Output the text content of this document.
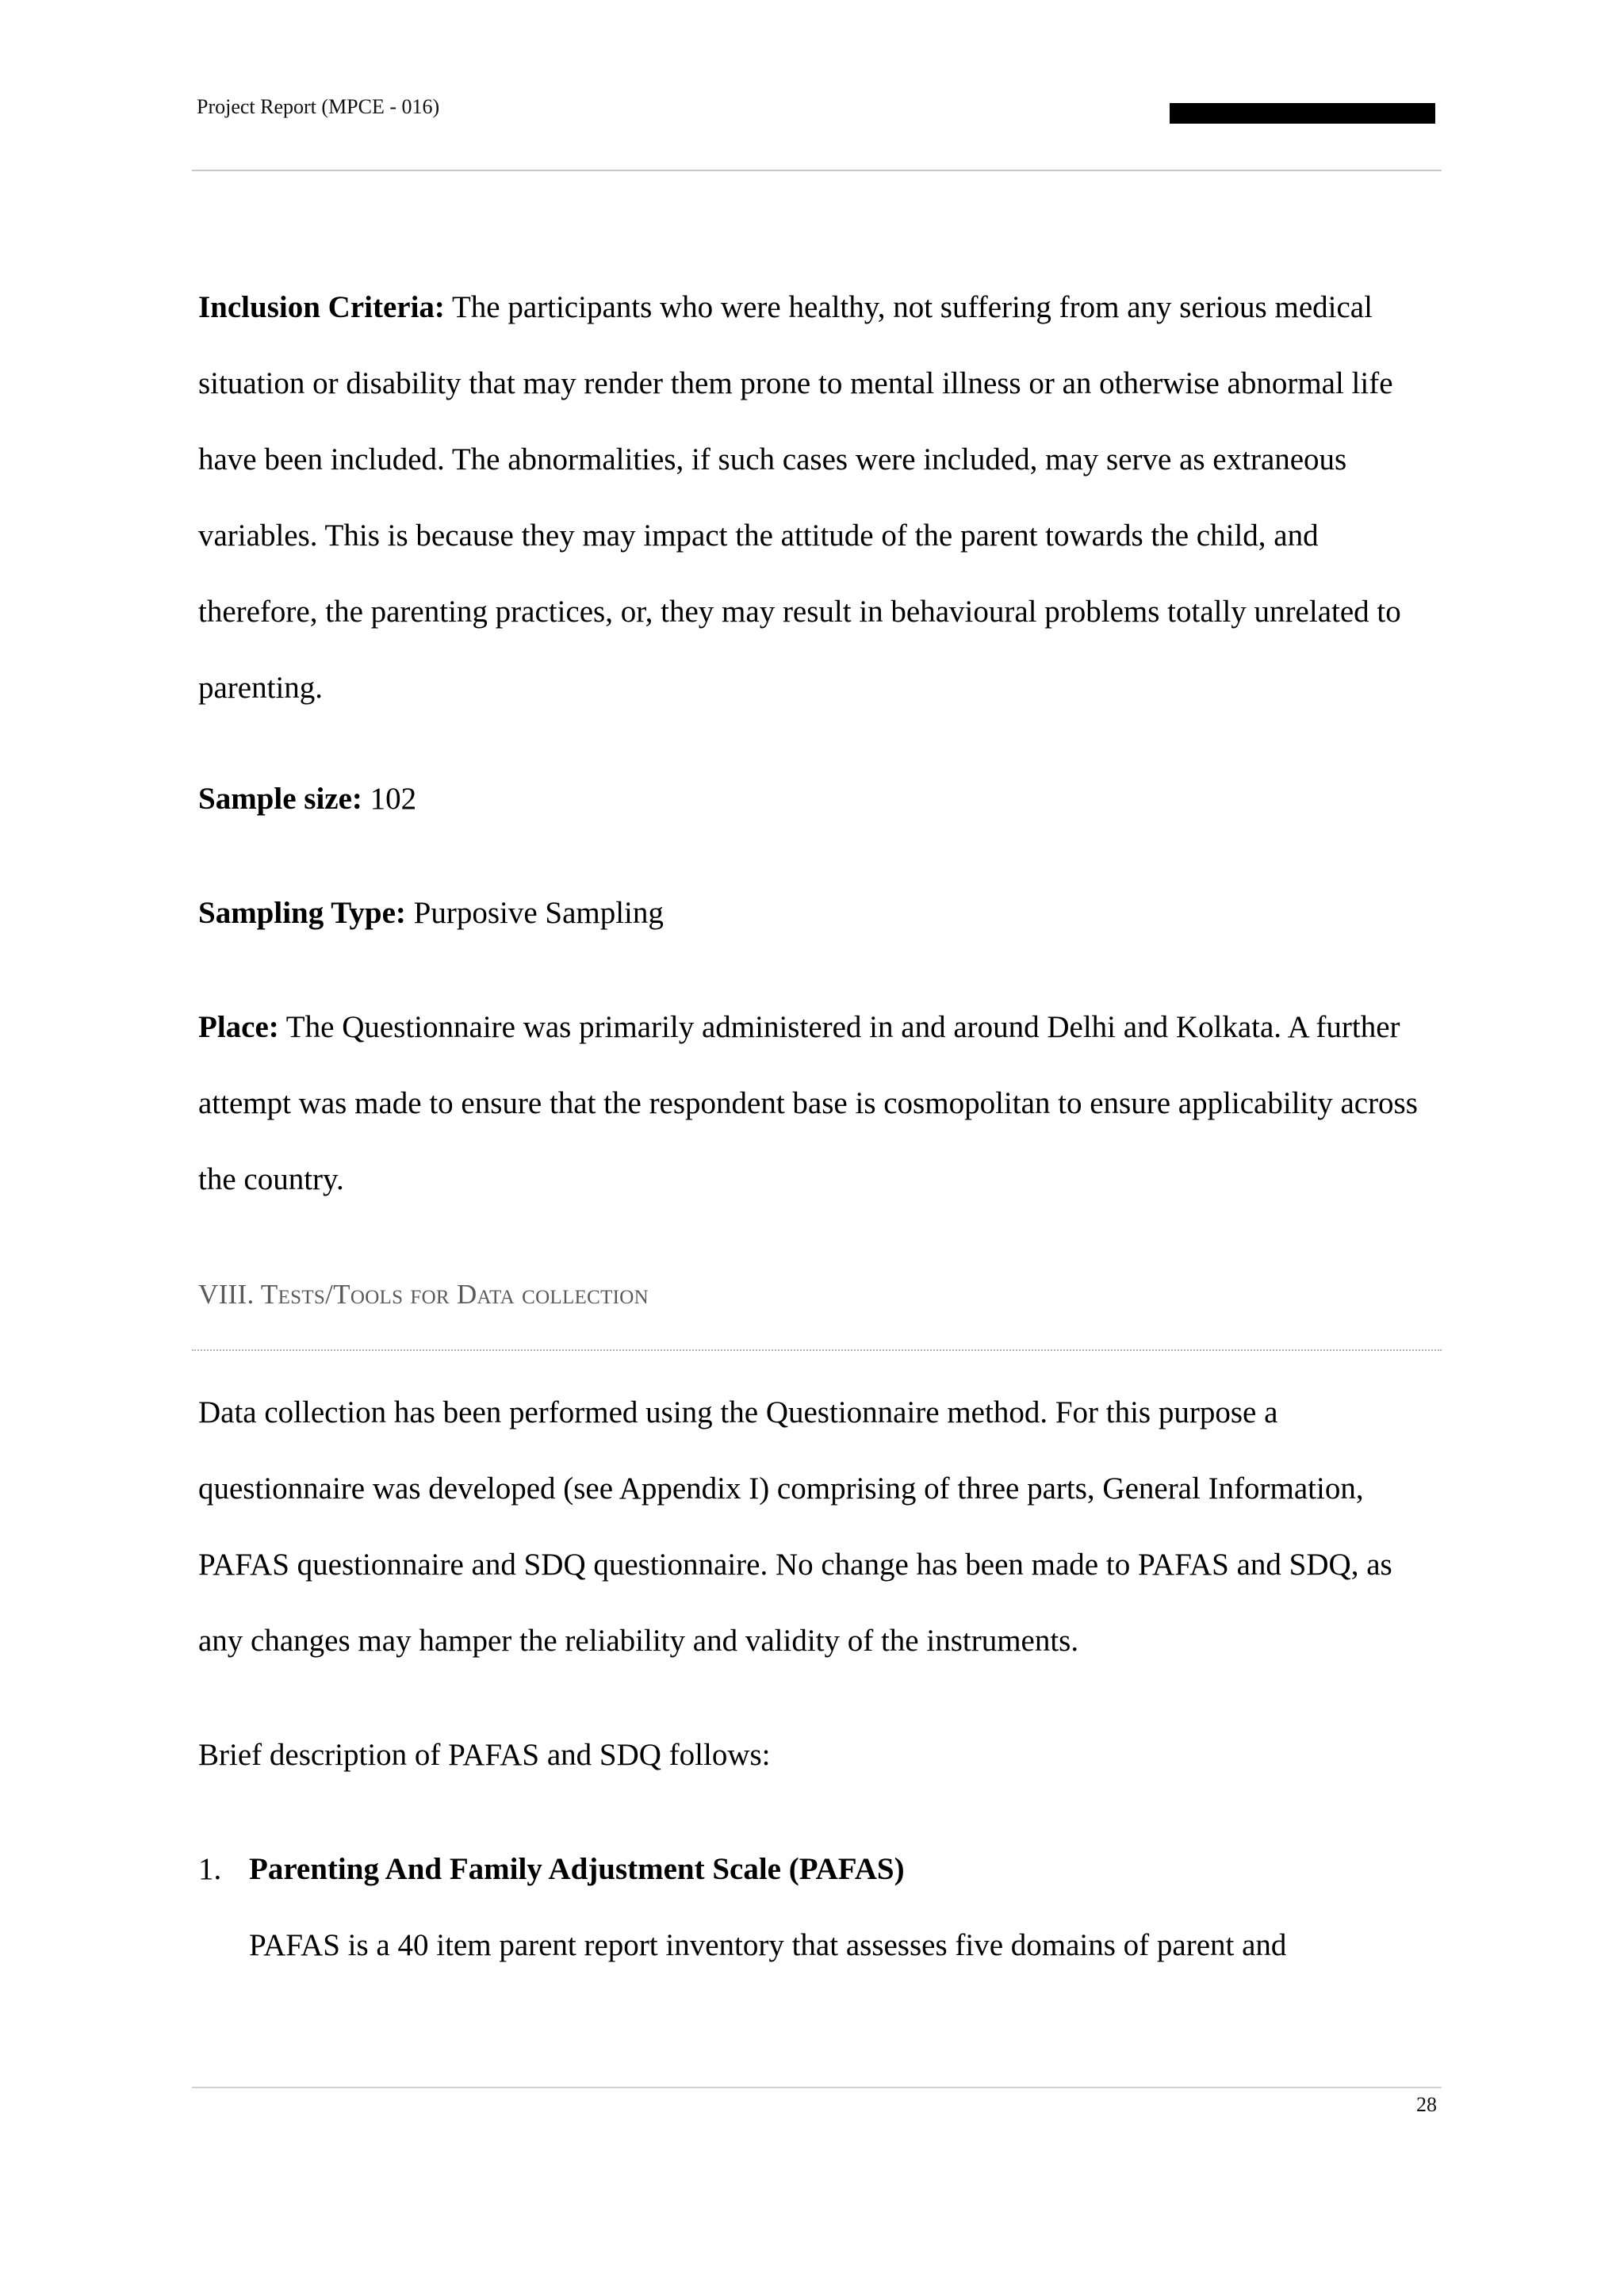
Project Report (MPCE - 016)

Inclusion Criteria: The participants who were healthy, not suffering from any serious medical situation or disability that may render them prone to mental illness or an otherwise abnormal life have been included. The abnormalities, if such cases were included, may serve as extraneous variables. This is because they may impact the attitude of the parent towards the child, and therefore, the parenting practices, or, they may result in behavioural problems totally unrelated to parenting.

Sample size: 102

Sampling Type: Purposive Sampling

Place: The Questionnaire was primarily administered in and around Delhi and Kolkata. A further attempt was made to ensure that the respondent base is cosmopolitan to ensure applicability across the country.

VIII. Tests/Tools for Data collection

Data collection has been performed using the Questionnaire method. For this purpose a questionnaire was developed (see Appendix I) comprising of three parts, General Information, PAFAS questionnaire and SDQ questionnaire. No change has been made to PAFAS and SDQ, as any changes may hamper the reliability and validity of the instruments.

Brief description of PAFAS and SDQ follows:

1. Parenting And Family Adjustment Scale (PAFAS)

PAFAS is a 40 item parent report inventory that assesses five domains of parent and

28
